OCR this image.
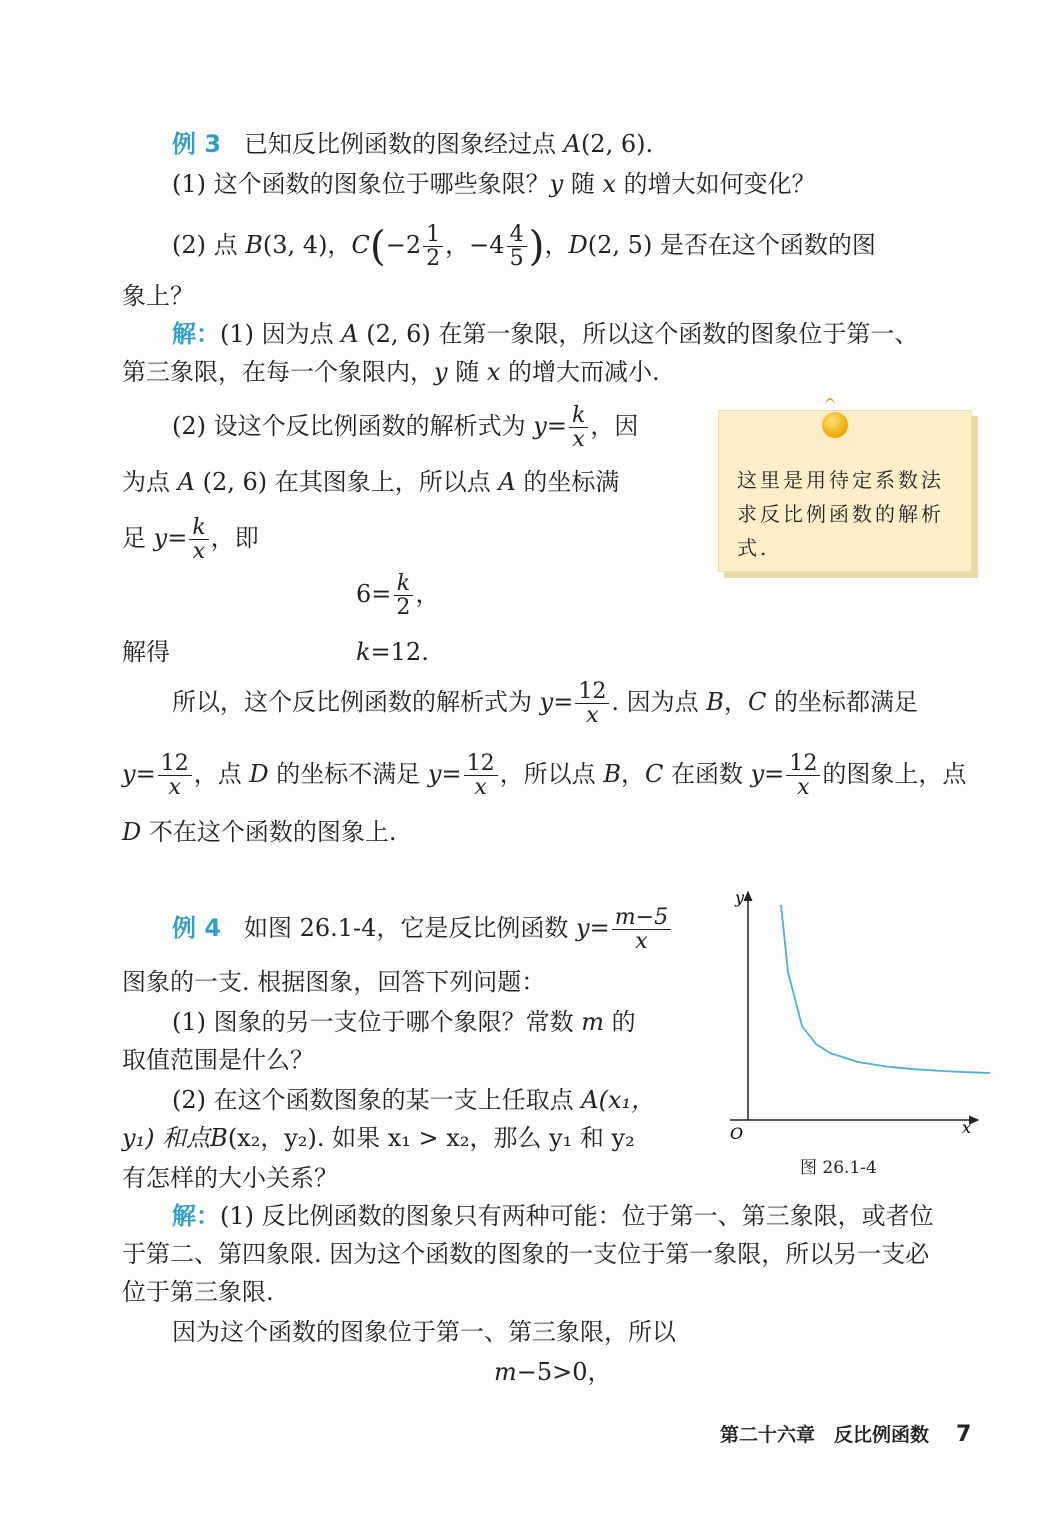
例 3 已知反比例函数的图象经过点 A(2, 6).
(1) 这个函数的图象位于哪些象限？y 随 x 的增大如何变化？
(2) 点 B(3, 4)，$C(-2 \frac{1}{2}$ ，$-4 \frac{4}{5}$ )，D(2, 5) 是否在这个函数的图
象上？
解：(1) 因为点 A (2, 6) 在第一象限，所以这个函数的图象位于第一、
第三象限，在每一个象限内，y 随 x 的增大而减小.
(2) 设这个反比例函数的解析式为 $y= \frac{k}{x}$ ，因
为点 A (2, 6) 在其图象上，所以点 A 的坐标满
足 $y= \frac{k}{x}$ ，即
$6= \frac{k}{2}$ ，
解得	k=12.
所以，这个反比例函数的解析式为 $y= \frac{12}{x}$ . 因为点 B，C 的坐标都满足
$y= \frac{12}{x}$ ，点 D 的坐标不满足 $y= \frac{12}{x}$ ，所以点 B，C 在函数 $y= \frac{12}{x}$ 的图象上，点
D 不在这个函数的图象上.
这里是用待定系数法求反比例函数的解析式.
例 4 如图 26.1-4，它是反比例函数 $y= \frac{m-5}{x}$
图象的一支. 根据图象，回答下列问题：
(1) 图象的另一支位于哪个象限？常数 m 的
取值范围是什么？
(2) 在这个函数图象的某一支上任取点 A(x₁，
y₁) 和点B(x₂，y₂). 如果 x₁ > x₂，那么 y₁ 和 y₂
有怎样的大小关系？
y
x
O
图 26.1-4
解：(1) 反比例函数的图象只有两种可能：位于第一、第三象限，或者位
于第二、第四象限. 因为这个函数的图象的一支位于第一象限，所以另一支必
位于第三象限.
因为这个函数的图象位于第一、第三象限，所以
m−5>0，
第二十六章　反比例函数 7
